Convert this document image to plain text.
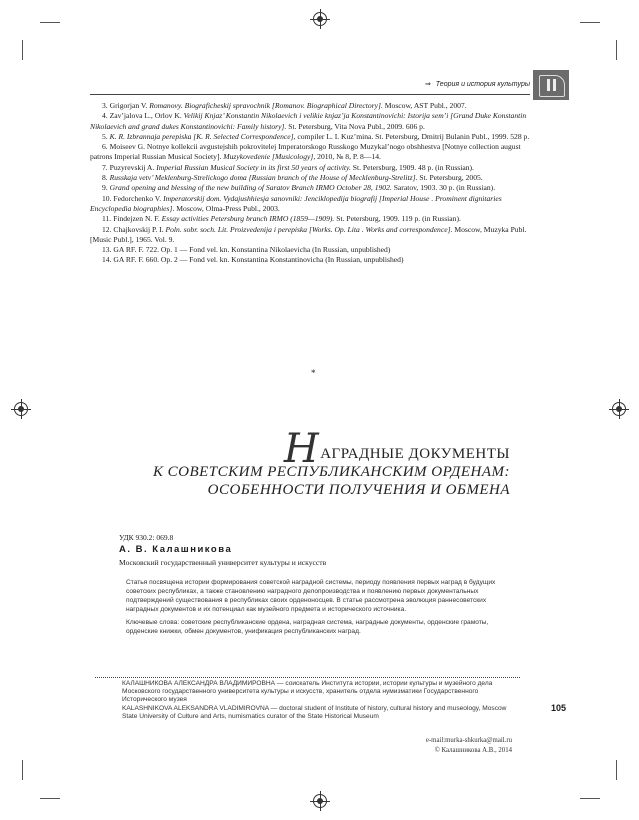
⇒ Теория и история культуры
3. Grigorjan V. Romanovy. Biograficheskij spravochnik [Romanov. Biographical Directory]. Moscow, AST Publ., 2007.
4. Zav’jalova L., Orlov K. Velikij Knjaz’ Konstantin Nikolaevich i velikie knjaz’ja Konstantinovichi: Istorija sem’i [Grand Duke Konstantin Nikolaevich and grand dukes Konstantinovichi: Family history]. St. Petersburg, Vita Nova Publ., 2009. 606 p.
5. K. R. Izbrannaja perepiska [K. R. Selected Correspondence], compiler L. I. Kuz’mina. St. Petersburg, Dmitrij Bulanin Publ., 1999. 528 p.
6. Moiseev G. Notnye kollekcii avgustejshih pokrovitelej Imperatorskogo Russkogo Muzykal’nogo obshhestva [Notnye collection august patrons Imperial Russian Musical Society]. Muzykovedenie [Musicology], 2010, № 8, P. 8—14.
7. Puzyrevskij A. Imperial Russian Musical Society in its first 50 years of activity. St. Petersburg, 1909. 48 p. (in Russian).
8. Russkaja vetv’ Meklenburg-Strelickogo doma [Russian branch of the House of Mecklenburg-Strelitz]. St. Petersburg, 2005.
9. Grand opening and blessing of the new building of Saratov Branch IRMO October 28, 1902. Saratov, 1903. 30 p. (in Russian).
10. Fedorchenko V. Imperatorskij dom. Vydajushhiesja sanovniki: Jenciklopedija biografij [Imperial House . Prominent dignitaries Encyclopedia biographies]. Moscow, Olma-Press Publ., 2003.
11. Findejzen N. F. Essay activities Petersburg branch IRMO (1859—1909). St. Petersburg, 1909. 119 p. (in Russian).
12. Chajkovskij P. I. Poln. sobr. soch. Lit. Proizvedenija i perepiska [Works. Op. Lita . Works and correspondence]. Moscow, Muzyka Publ. [Music Publ.], 1965. Vol. 9.
13. GA RF. F. 722. Op. 1 — Fond vel. kn. Konstantina Nikolaevicha (In Russian, unpublished)
14. GA RF. F. 660. Op. 2 — Fond vel. kn. Konstantina Konstantinovicha (In Russian, unpublished)
*
НАГРАДНЫЕ ДОКУМЕНТЫ
К СОВЕТСКИМ РЕСПУБЛИКАНСКИМ ОРДЕНАМ:
ОСОБЕННОСТИ ПОЛУЧЕНИЯ И ОБМЕНА
УДК 930.2: 069.8
А. В. Калашникова
Московский государственный университет культуры и искусств

Статья посвящена истории формирования советской наградной системы, периоду появления первых наград в будущих советских республиках, а также становлению наградного делопроизводства и появлению первых документальных подтверждений существования в республиках своих орденоносцев. В статье рассмотрена эволюция раннесоветских наградных документов и их потенциал как музейного предмета и исторического источника.

Ключевые слова: советские республиканские ордена, наградная система, наградные документы, орденские грамоты, орденские книжки, обмен документов, унификация республиканских наград.

КАЛАШНИКОВА АЛЕКСАНДРА ВЛАДИМИРОВНА — соискатель Института истории, истории культуры и музейного дела Московского государственного университета культуры и искусств, хранитель отдела нумизматики Государственного Исторического музея

KALASHNIKOVA ALEKSANDRA VLADIMIROVNA — doctoral student of Institute of history, cultural history and museology, Moscow State University of Culture and Arts, numismatics curator of the State Historical Museum

105
e-mail:murka-shkurka@mail.ru
© Калашникова А.В., 2014
